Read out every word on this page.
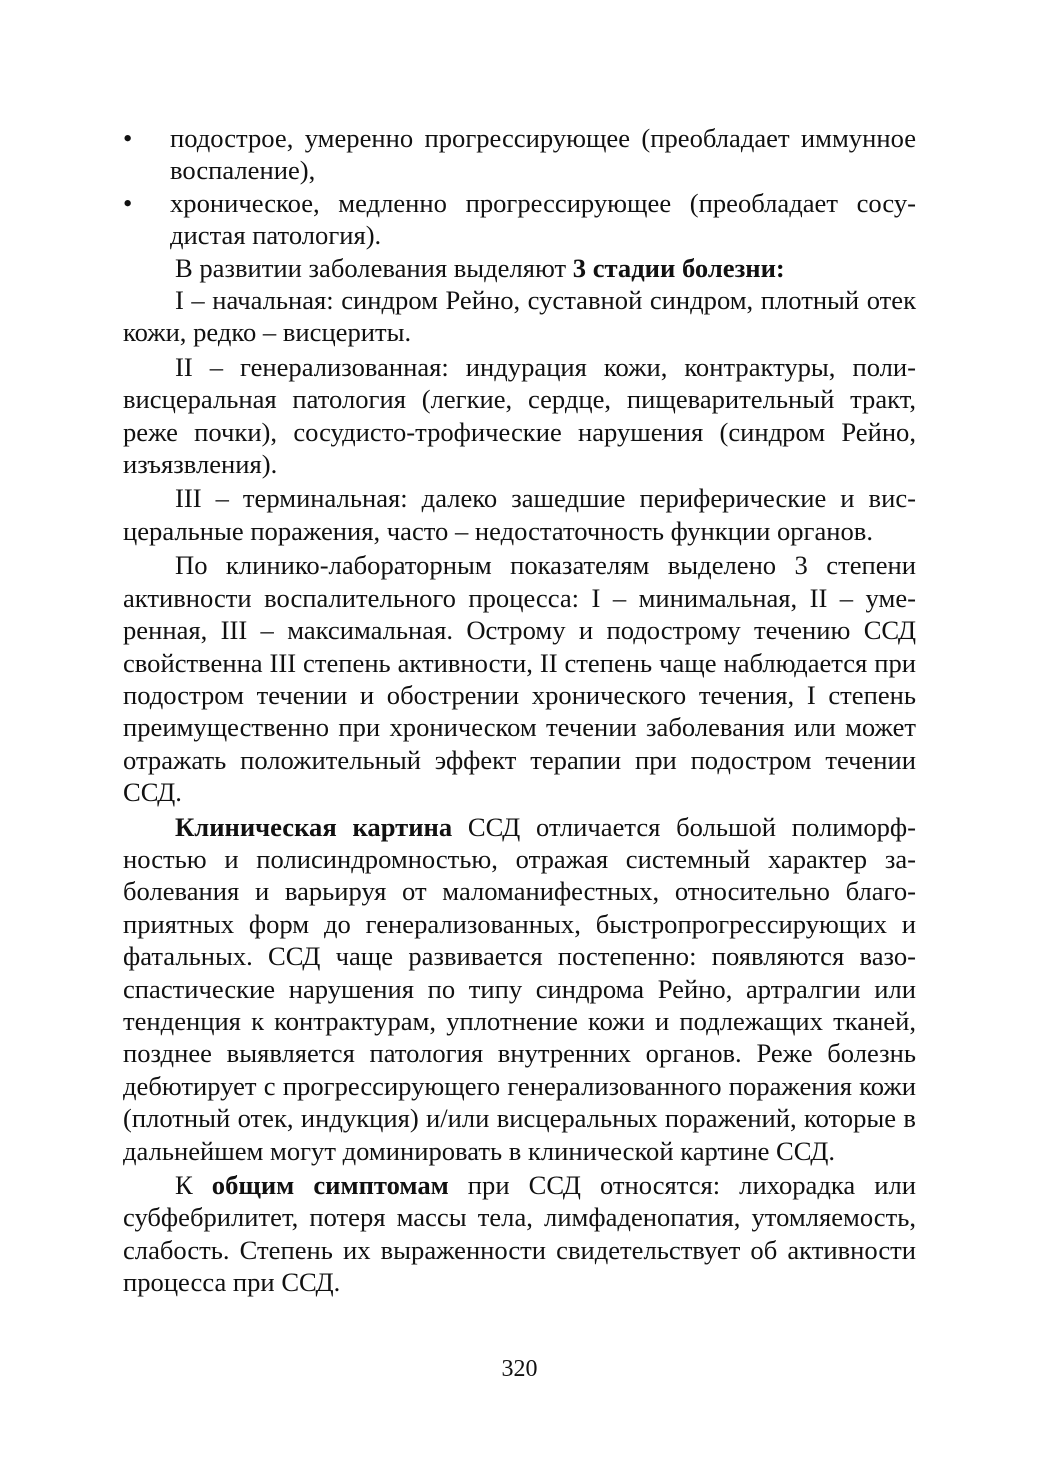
•	подострое, умеренно прогрессирующее (преобладает иммунное воспаление),
•	хроническое, медленно прогрессирующее (преобладает сосудистая патология).

В развитии заболевания выделяют 3 стадии болезни:

I – начальная: синдром Рейно, суставной синдром, плотный отек кожи, редко – висцериты.

II – генерализованная: индурация кожи, контрактуры, поливисцеральная патология (легкие, сердце, пищеварительный тракт, реже почки), сосудисто-трофические нарушения (синдром Рейно, изъязвления).

III – терминальная: далеко зашедшие периферические и висцеральные поражения, часто – недостаточность функции органов.

По клинико-лабораторным показателям выделено 3 степени активности воспалительного процесса: I – минимальная, II – умеренная, III – максимальная. Острому и подострому течению ССД свойственна III степень активности, II степень чаще наблюдается при подостром течении и обострении хронического течения, I степень преимущественно при хроническом течении заболевания или может отражать положительный эффект терапии при подостром течении ССД.

Клиническая картина ССД отличается большой полиморфностью и полисиндромностью, отражая системный характер заболевания и варьируя от маломанифестных, относительно благоприятных форм до генерализованных, быстропрогрессирующих и фатальных. ССД чаще развивается постепенно: появляются вазоспастические нарушения по типу синдрома Рейно, артралгии или тенденция к контрактурам, уплотнение кожи и подлежащих тканей, позднее выявляется патология внутренних органов. Реже болезнь дебютирует с прогрессирующего генерализованного поражения кожи (плотный отек, индукция) и/или висцеральных поражений, которые в дальнейшем могут доминировать в клинической картине ССД.

К общим симптомам при ССД относятся: лихорадка или субфебрилитет, потеря массы тела, лимфаденопатия, утомляемость, слабость. Степень их выраженности свидетельствует об активности процесса при ССД.

320
